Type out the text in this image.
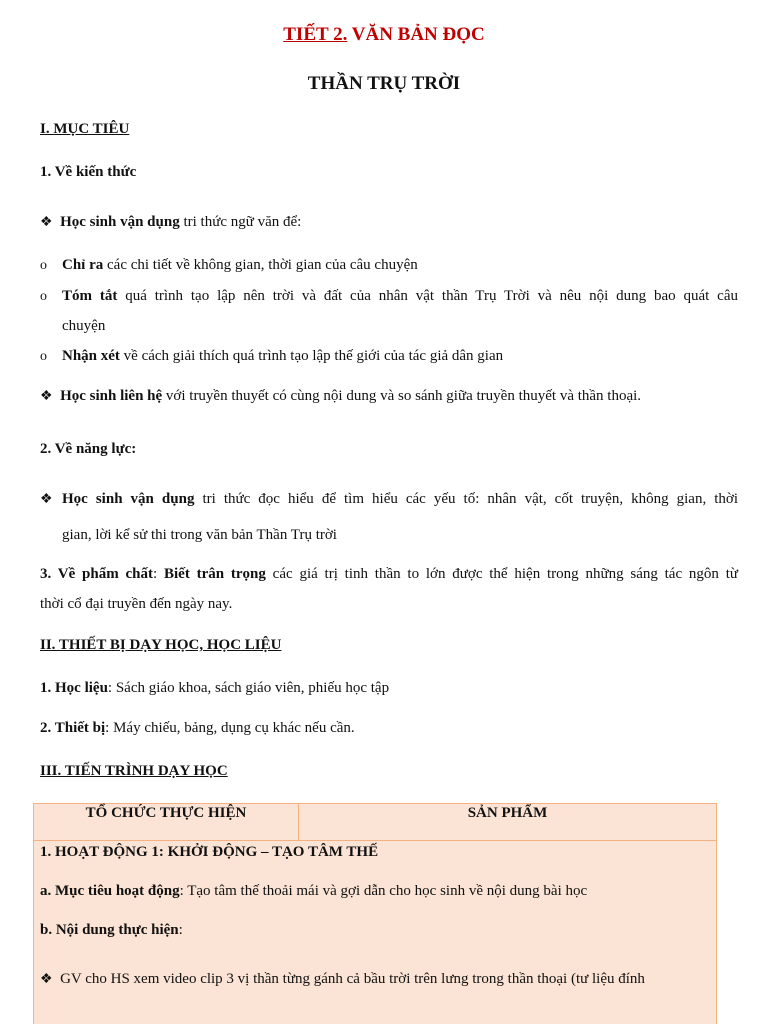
TIẾT 2. VĂN BẢN ĐỌC
THẦN TRỤ TRỜI
I. MỤC TIÊU
1. Về kiến thức
❖ Học sinh vận dụng tri thức ngữ văn để:
o Chỉ ra các chi tiết về không gian, thời gian của câu chuyện
o Tóm tắt quá trình tạo lập nên trời và đất của nhân vật thần Trụ Trời và nêu nội dung bao quát câu
chuyện
o Nhận xét về cách giải thích quá trình tạo lập thế giới của tác giả dân gian
❖ Học sinh liên hệ với truyền thuyết có cùng nội dung và so sánh giữa truyền thuyết và thần thoại.
2. Về năng lực:
❖ Học sinh vận dụng tri thức đọc hiểu để tìm hiểu các yếu tố: nhân vật, cốt truyện, không gian, thời
gian, lời kể sử thi trong văn bản Thần Trụ trời
3. Về phẩm chất: Biết trân trọng các giá trị tinh thần to lớn được thể hiện trong những sáng tác ngôn từ
thời cổ đại truyền đến ngày nay.
II. THIẾT BỊ DẠY HỌC, HỌC LIỆU
1. Học liệu: Sách giáo khoa, sách giáo viên, phiếu học tập
2. Thiết bị: Máy chiếu, bảng, dụng cụ khác nếu cần.
III. TIẾN TRÌNH DẠY HỌC
TỔ CHỨC THỰC HIỆN	SẢN PHẨM
1. HOẠT ĐỘNG 1: KHỞI ĐỘNG – TẠO TÂM THẾ
a. Mục tiêu hoạt động: Tạo tâm thế thoải mái và gợi dẫn cho học sinh về nội dung bài học
b. Nội dung thực hiện:
❖ GV cho HS xem video clip 3 vị thần từng gánh cả bầu trời trên lưng trong thần thoại (tư liệu đính
